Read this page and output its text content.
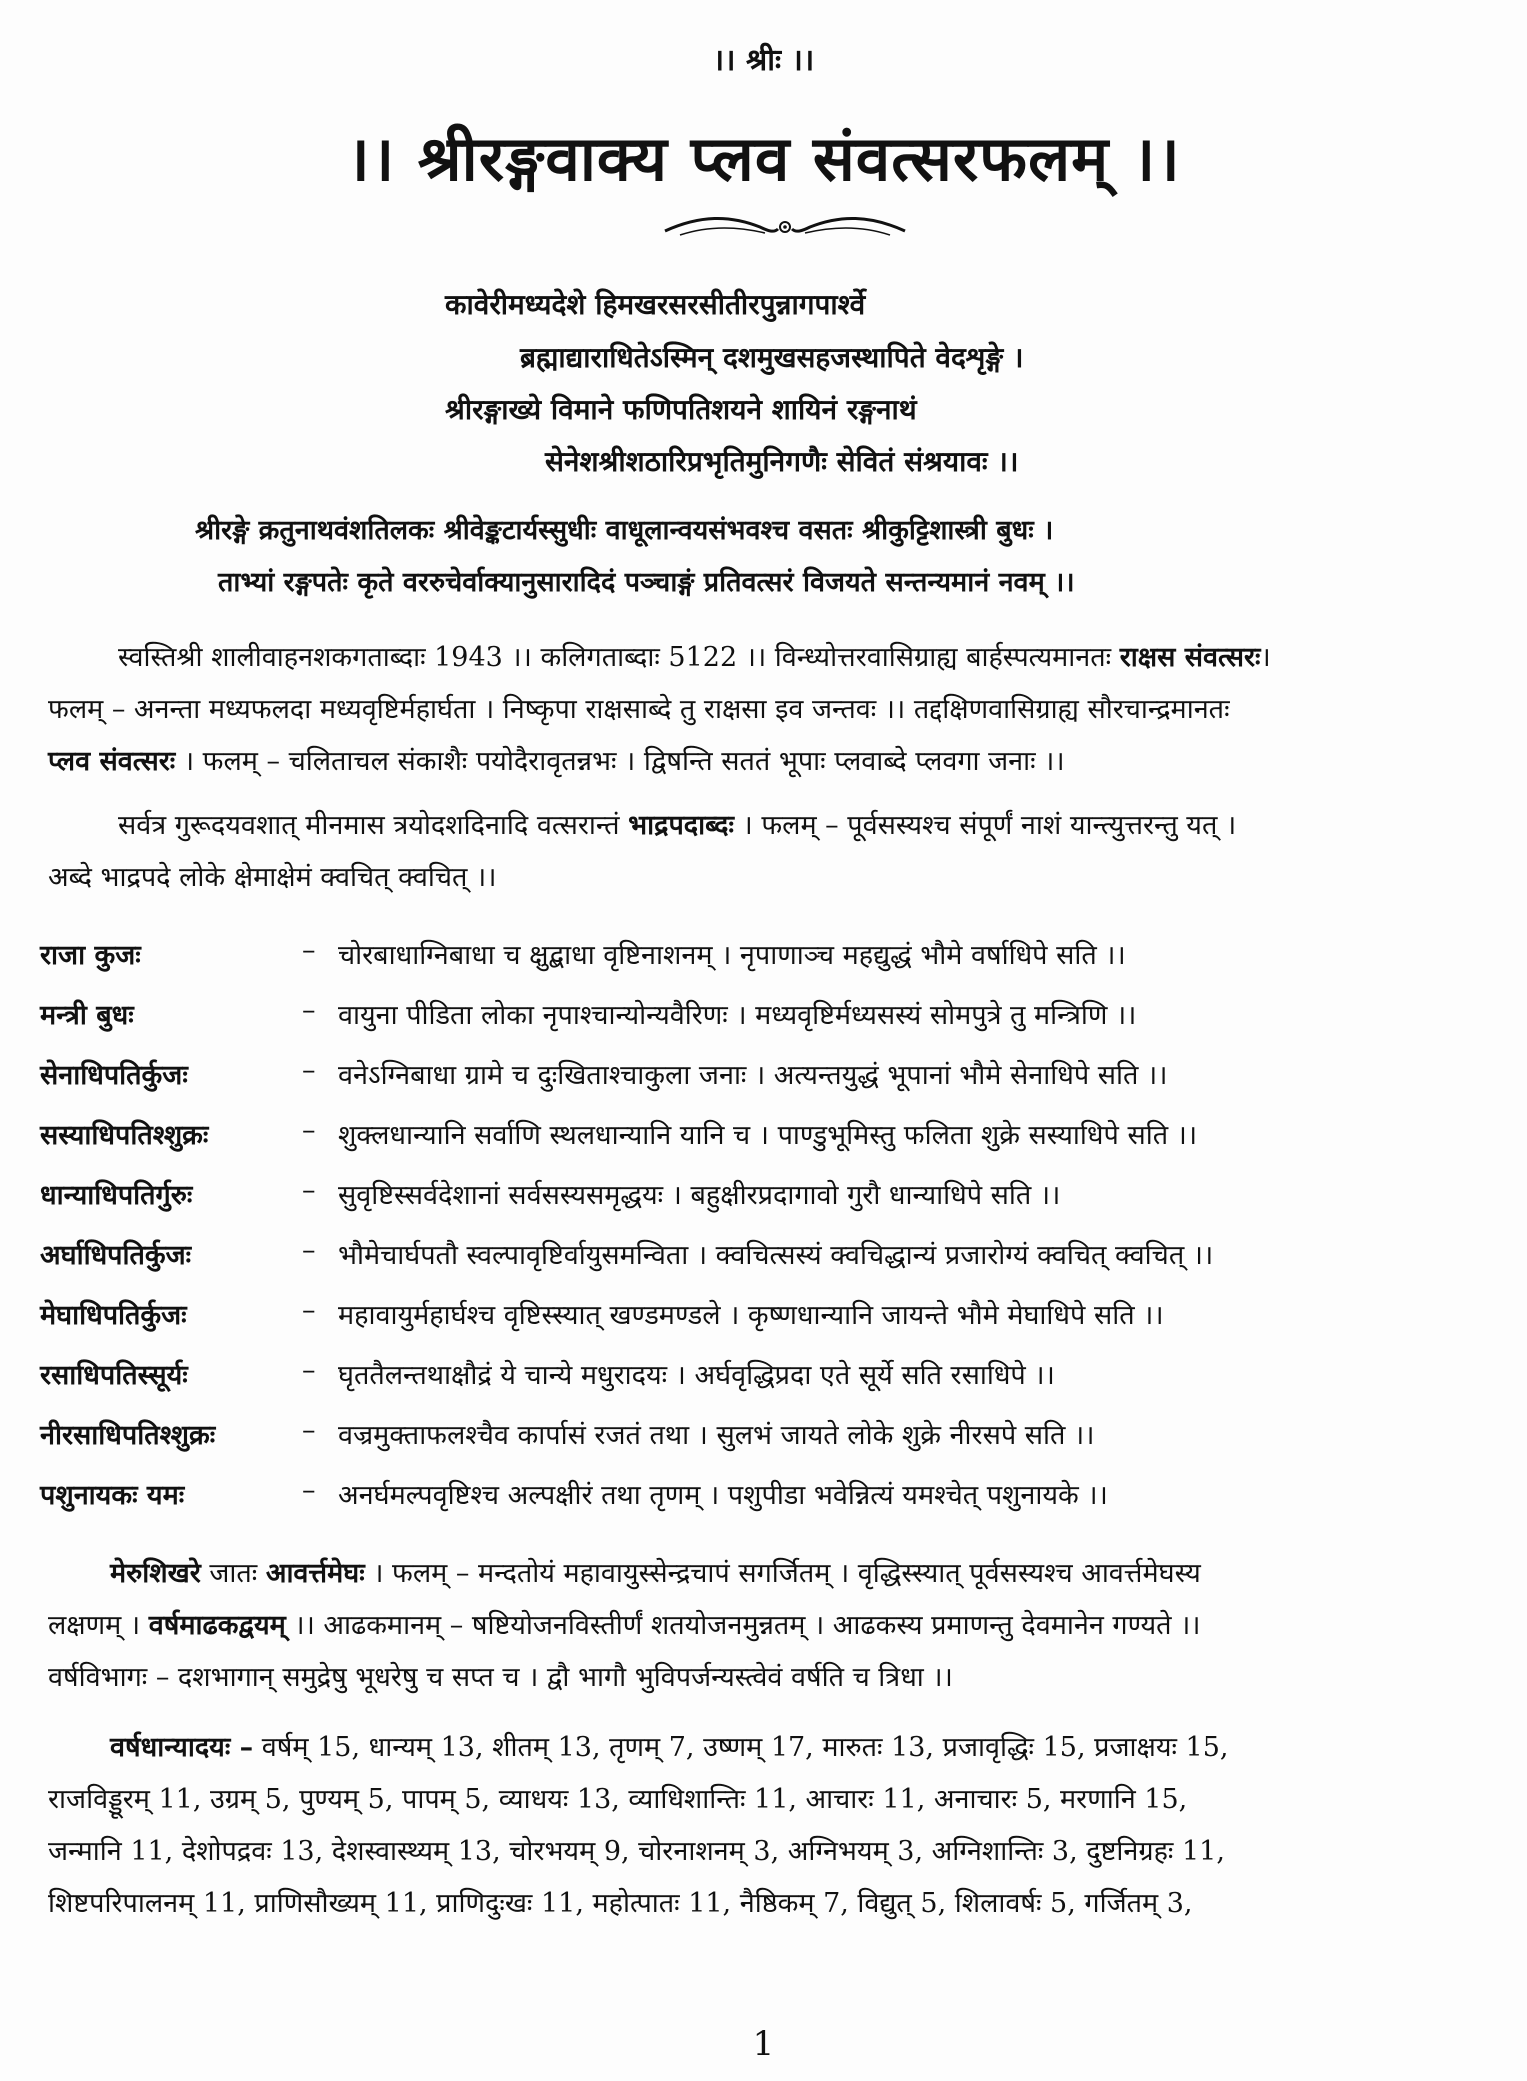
।। श्रीः ।।
।। श्रीरङ्गवाक्य प्लव संवत्सरफलम् ।।
कावेरीमध्यदेशे हिमखरसरसीतीरपुन्नागपार्श्वे
ब्रह्माद्याराधितेऽस्मिन् दशमुखसहजस्थापिते वेदशृङ्गे ।
श्रीरङ्गाख्ये विमाने फणिपतिशयने शायिनं रङ्गनाथं
सेनेशश्रीशठारिप्रभृतिमुनिगणैः सेवितं संश्रयावः ।।
श्रीरङ्गे क्रतुनाथवंशतिलकः श्रीवेङ्कटार्यस्सुधीः वाधूलान्वयसंभवश्च वसतः श्रीकुट्टिशास्त्री बुधः ।
ताभ्यां रङ्गपतेः कृते वररुचेर्वाक्यानुसारादिदं पञ्चाङ्गं प्रतिवत्सरं विजयते सन्तन्यमानं नवम् ।।

स्वस्तिश्री शालीवाहनशकगताब्दाः 1943 ।। कलिगताब्दाः 5122 ।। विन्ध्योत्तरवासिग्राह्य बार्हस्पत्यमानतः राक्षस संवत्सरः।

फलम् – अनन्ता मध्यफलदा मध्यवृष्टिर्महार्घता । निष्कृपा राक्षसाब्दे तु राक्षसा इव जन्तवः ।। तद्दक्षिणवासिग्राह्य सौरचान्द्रमानतः

प्लव संवत्सरः । फलम् – चलिताचल संकाशैः पयोदैरावृतन्नभः । द्विषन्ति सततं भूपाः प्लवाब्दे प्लवगा जनाः ।।

सर्वत्र गुरूदयवशात् मीनमास त्रयोदशदिनादि वत्सरान्तं भाद्रपदाब्दः । फलम् – पूर्वसस्यश्च संपूर्णं नाशं यान्त्युत्तरन्तु यत् ।

अब्दे भाद्रपदे लोके क्षेमाक्षेमं क्वचित् क्वचित् ।।

राजा कुजः	– चोरबाधाग्निबाधा च क्षुद्बाधा वृष्टिनाशनम् । नृपाणाञ्च महद्युद्धं भौमे वर्षाधिपे सति ।।
मन्त्री बुधः	– वायुना पीडिता लोका नृपाश्चान्योन्यवैरिणः । मध्यवृष्टिर्मध्यसस्यं सोमपुत्रे तु मन्त्रिणि ।।
सेनाधिपतिर्कुजः	– वनेऽग्निबाधा ग्रामे च दुःखिताश्चाकुला जनाः । अत्यन्तयुद्धं भूपानां भौमे सेनाधिपे सति ।।
सस्याधिपतिश्शुक्रः	– शुक्लधान्यानि सर्वाणि स्थलधान्यानि यानि च । पाण्डुभूमिस्तु फलिता शुक्रे सस्याधिपे सति ।।
धान्याधिपतिर्गुरुः	– सुवृष्टिस्सर्वदेशानां सर्वसस्यसमृद्धयः । बहुक्षीरप्रदागावो गुरौ धान्याधिपे सति ।।
अर्घाधिपतिर्कुजः	– भौमेचार्घपतौ स्वल्पावृष्टिर्वायुसमन्विता । क्वचित्सस्यं क्वचिद्धान्यं प्रजारोग्यं क्वचित् क्वचित् ।।
मेघाधिपतिर्कुजः	– महावायुर्महार्घश्च वृष्टिस्स्यात् खण्डमण्डले । कृष्णधान्यानि जायन्ते भौमे मेघाधिपे सति ।।
रसाधिपतिस्सूर्यः	– घृततैलन्तथाक्षौद्रं ये चान्ये मधुरादयः । अर्घवृद्धिप्रदा एते सूर्ये सति रसाधिपे ।।
नीरसाधिपतिश्शुक्रः	– वज्रमुक्ताफलश्चैव कार्पासं रजतं तथा । सुलभं जायते लोके शुक्रे नीरसपे सति ।।
पशुनायकः यमः	– अनर्घमल्पवृष्टिश्च अल्पक्षीरं तथा तृणम् । पशुपीडा भवेन्नित्यं यमश्चेत् पशुनायके ।।

मेरुशिखरे जातः आवर्त्तमेघः । फलम् – मन्दतोयं महावायुस्सेन्द्रचापं सगर्जितम् । वृद्धिस्स्यात् पूर्वसस्यश्च आवर्त्तमेघस्य

लक्षणम् । वर्षमाढकद्वयम् ।। आढकमानम् – षष्टियोजनविस्तीर्णं शतयोजनमुन्नतम् । आढकस्य प्रमाणन्तु देवमानेन गण्यते ।।

वर्षविभागः – दशभागान् समुद्रेषु भूधरेषु च सप्त च । द्वौ भागौ भुविपर्जन्यस्त्वेवं वर्षति च त्रिधा ।।

वर्षधान्यादयः – वर्षम् 15, धान्यम् 13, शीतम् 13, तृणम् 7, उष्णम् 17, मारुतः 13, प्रजावृद्धिः 15, प्रजाक्षयः 15,

राजविड्डूरम् 11, उग्रम् 5, पुण्यम् 5, पापम् 5, व्याधयः 13, व्याधिशान्तिः 11, आचारः 11, अनाचारः 5, मरणानि 15,

जन्मानि 11, देशोपद्रवः 13, देशस्वास्थ्यम् 13, चोरभयम् 9, चोरनाशनम् 3, अग्निभयम् 3, अग्निशान्तिः 3, दुष्टनिग्रहः 11,

शिष्टपरिपालनम् 11, प्राणिसौख्यम् 11, प्राणिदुःखः 11, महोत्पातः 11, नैष्ठिकम् 7, विद्युत् 5, शिलावर्षः 5, गर्जितम् 3,

1
